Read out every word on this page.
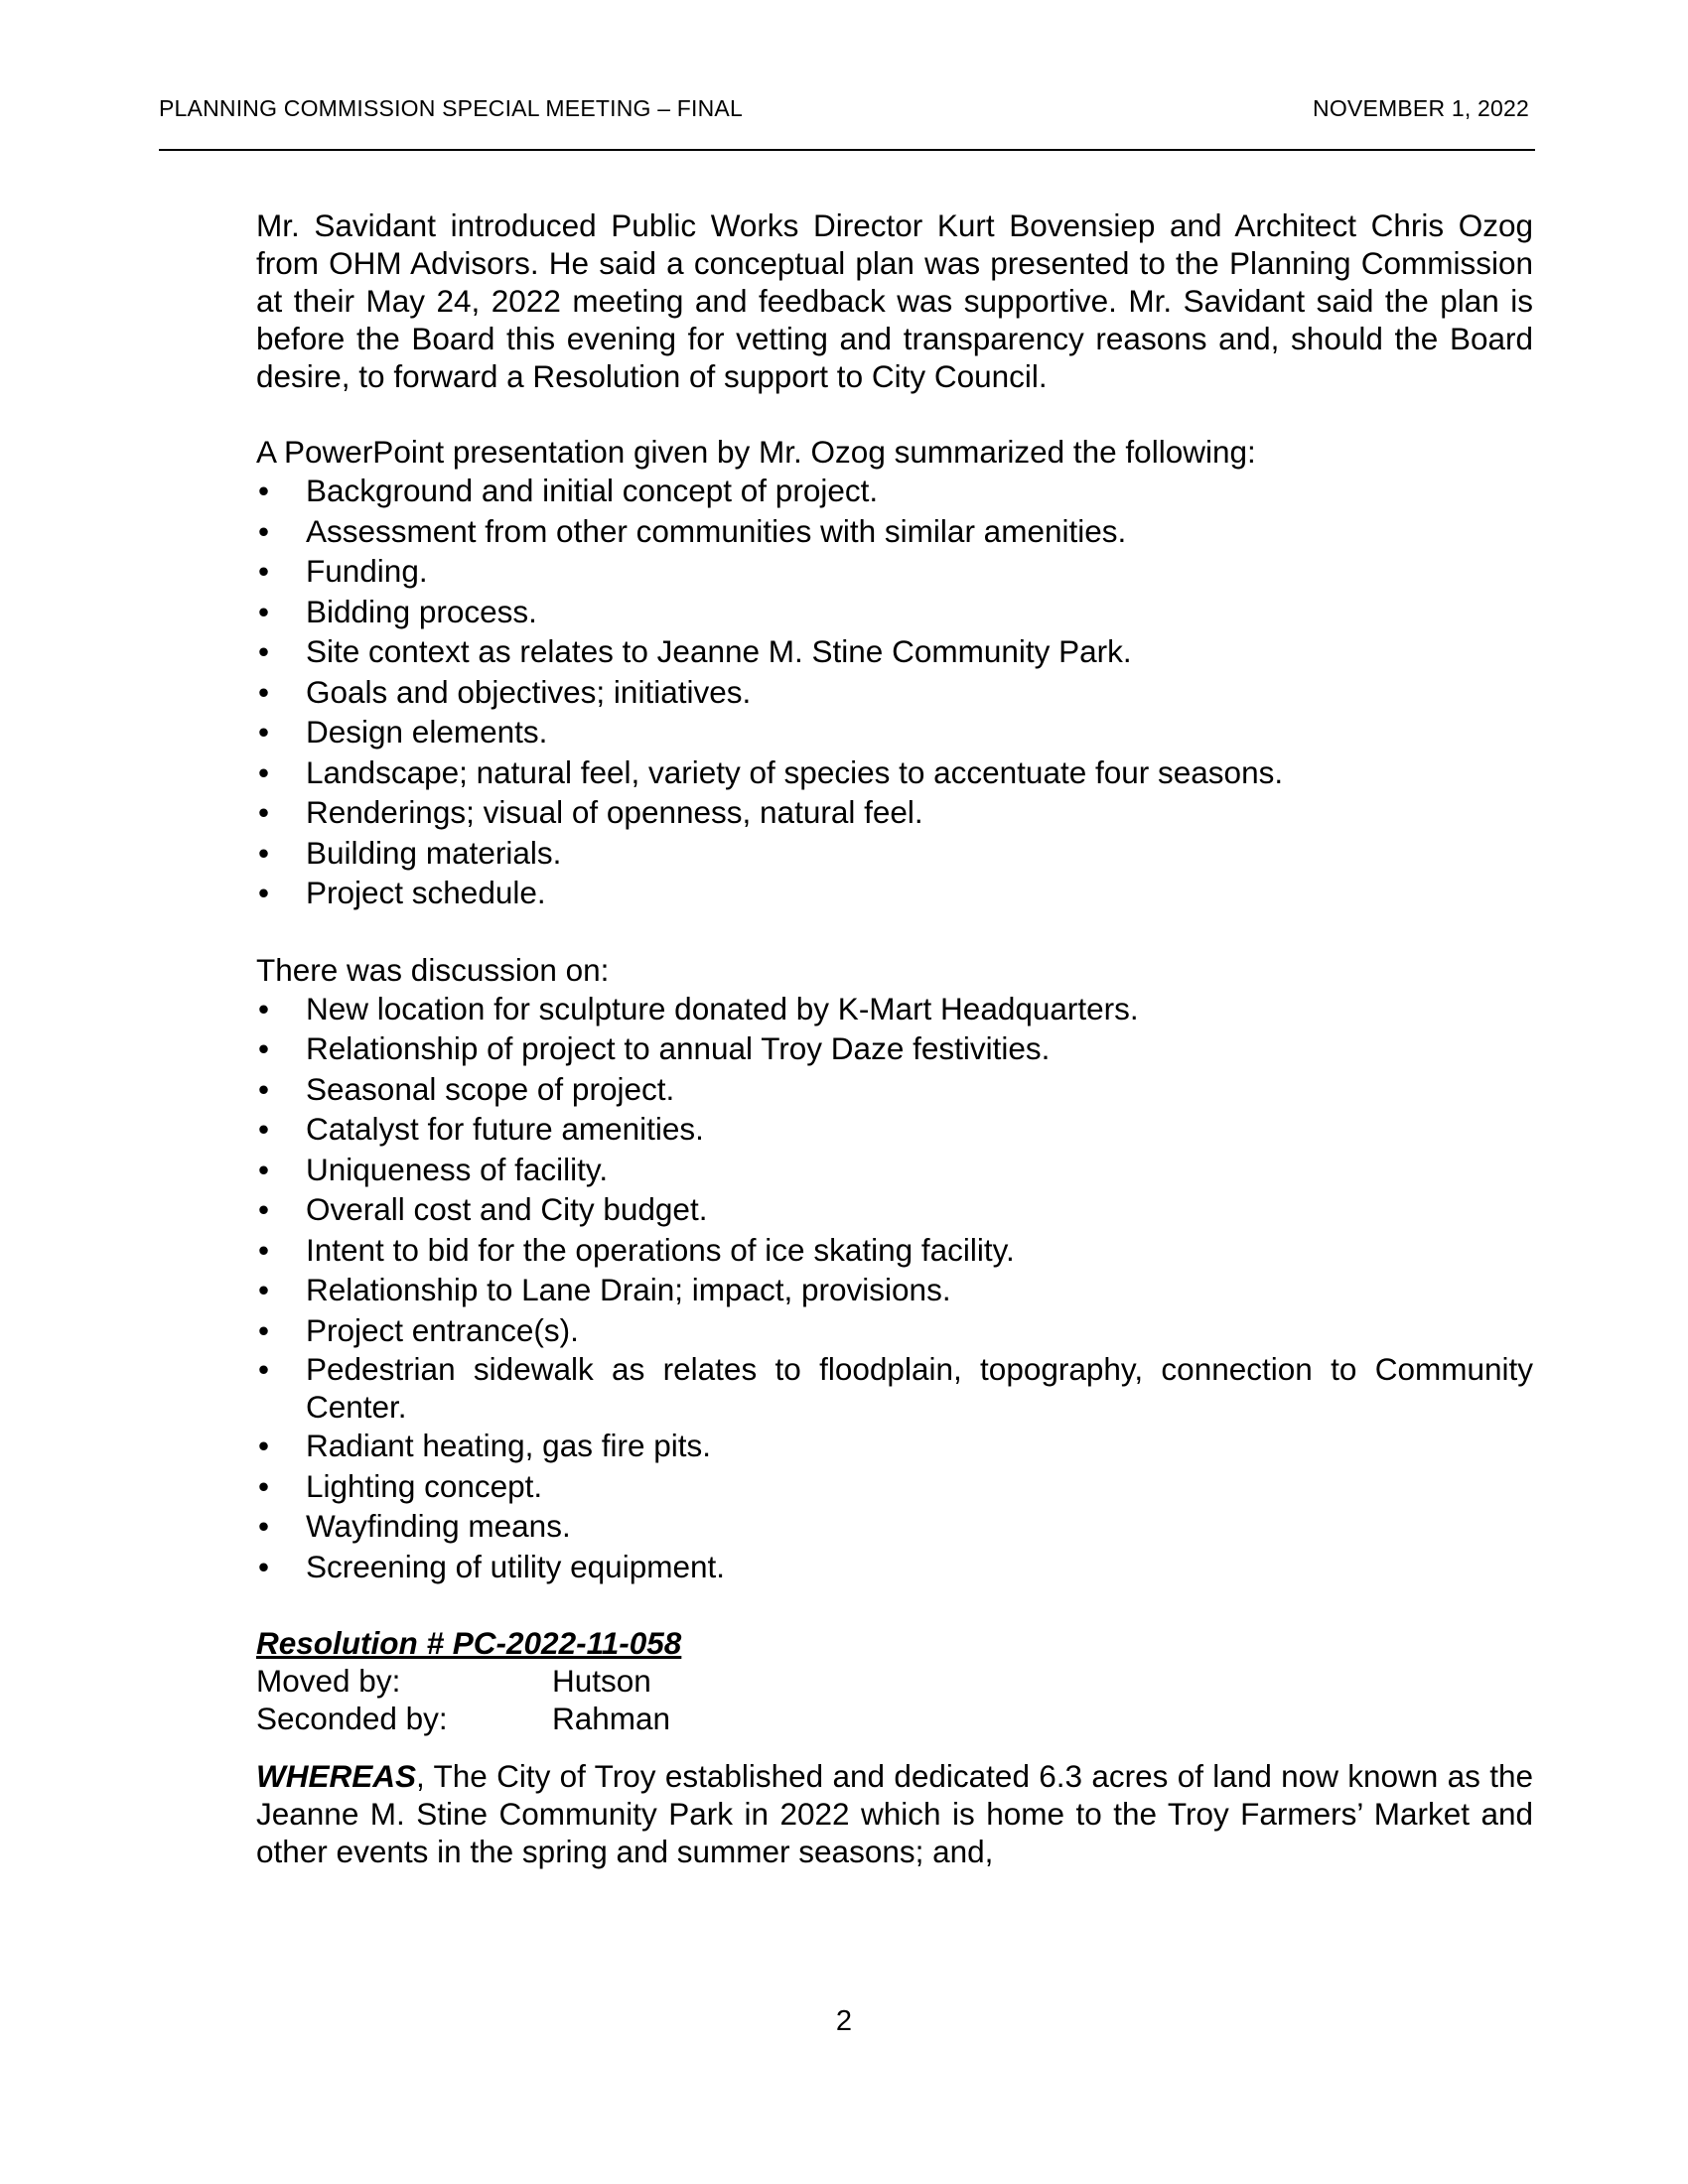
PLANNING COMMISSION SPECIAL MEETING – FINAL	NOVEMBER 1, 2022

Mr. Savidant introduced Public Works Director Kurt Bovensiep and Architect Chris Ozog from OHM Advisors. He said a conceptual plan was presented to the Planning Commission at their May 24, 2022 meeting and feedback was supportive. Mr. Savidant said the plan is before the Board this evening for vetting and transparency reasons and, should the Board desire, to forward a Resolution of support to City Council.

A PowerPoint presentation given by Mr. Ozog summarized the following:

• Background and initial concept of project.
• Assessment from other communities with similar amenities.
• Funding.
• Bidding process.
• Site context as relates to Jeanne M. Stine Community Park.
• Goals and objectives; initiatives.
• Design elements.
• Landscape; natural feel, variety of species to accentuate four seasons.
• Renderings; visual of openness, natural feel.
• Building materials.
• Project schedule.

There was discussion on:

• New location for sculpture donated by K-Mart Headquarters.
• Relationship of project to annual Troy Daze festivities.
• Seasonal scope of project.
• Catalyst for future amenities.
• Uniqueness of facility.
• Overall cost and City budget.
• Intent to bid for the operations of ice skating facility.
• Relationship to Lane Drain; impact, provisions.
• Project entrance(s).
• Pedestrian sidewalk as relates to floodplain, topography, connection to Community Center.
• Radiant heating, gas fire pits.
• Lighting concept.
• Wayfinding means.
• Screening of utility equipment.

Resolution # PC-2022-11-058

Moved by:	Hutson
Seconded by:	Rahman

WHEREAS, The City of Troy established and dedicated 6.3 acres of land now known as the Jeanne M. Stine Community Park in 2022 which is home to the Troy Farmers’ Market and other events in the spring and summer seasons; and,

2
